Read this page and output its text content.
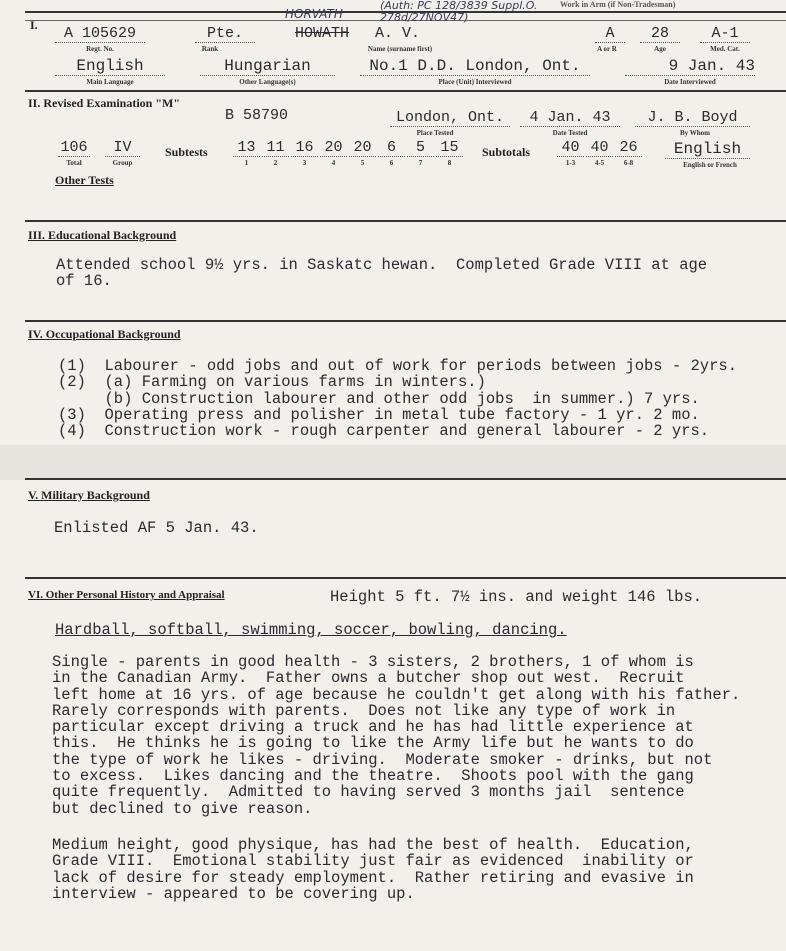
Work in Arm (if Non-Tradesman)
I.
HORVATH
(Auth: PC 128/3839 Suppl.O. 278d/27NOV47)
A 105629
Regt. No.
Pte.
Rank
HOWATH A. V.
Name (surname first)
A
A or R
28
Age
A-1
Med. Cat.
English
Main Language
Hungarian
Other Language(s)
No.1 D.D. London, Ont.
Place (Unit) Interviewed
9 Jan. 43
Date Interviewed
II. Revised Examination "M"
B 58790	London, Ont.
Place Tested
4 Jan. 43
Date Tested
J. B. Boyd
By Whom
106
Total
IV
Group
Subtests 13
1
11
2
16
3
20
4
20
5
6
6
5
7
15
8
Subtotals 40
1-3
40
4-5
26
6-8
English
English or French
Other Tests
III. Educational Background
Attended school 9½ yrs. in Saskatc hewan.  Completed Grade VIII at age
of 16.
IV. Occupational Background
(1)  Labourer - odd jobs and out of work for periods between jobs - 2yrs.
(2)  (a) Farming on various farms in winters.)
(b) Construction labourer and other odd jobs  in summer.) 7 yrs.
(3)  Operating press and polisher in metal tube factory - 1 yr. 2 mo.
(4)  Construction work - rough carpenter and general labourer - 2 yrs.
V. Military Background
Enlisted AF 5 Jan. 43.
VI. Other Personal History and Appraisal	Height 5 ft. 7½ ins. and weight 146 lbs.
Hardball, softball, swimming, soccer, bowling, dancing.
Single - parents in good health - 3 sisters, 2 brothers, 1 of whom is
in the Canadian Army.  Father owns a butcher shop out west.  Recruit
left home at 16 yrs. of age because he couldn't get along with his father.
Rarely corresponds with parents.  Does not like any type of work in
particular except driving a truck and he has had little experience at
this.  He thinks he is going to like the Army life but he wants to do
the type of work he likes - driving.  Moderate smoker - drinks, but not
to excess.  Likes dancing and the theatre.  Shoots pool with the gang
quite frequently.  Admitted to having served 3 months jail  sentence
but declined to give reason.
Medium height, good physique, has had the best of health.  Education,
Grade VIII.  Emotional stability just fair as evidenced  inability or
lack of desire for steady employment.  Rather retiring and evasive in
interview - appeared to be covering up.
